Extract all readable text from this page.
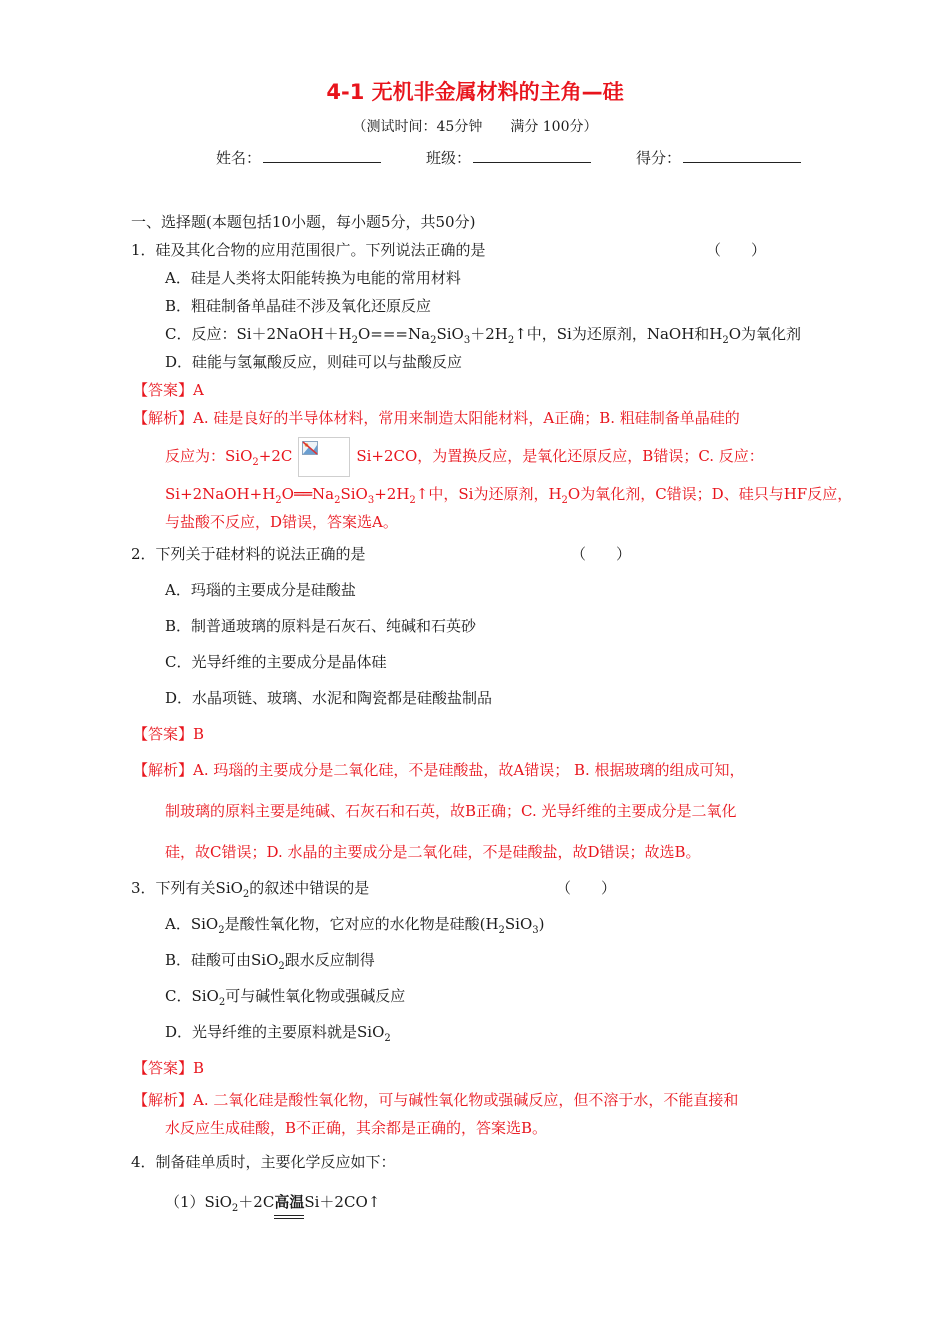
4-1 无机非金属材料的主角—硅
（测试时间：45分钟　　满分 100分）
姓名：	班级：	得分：
一、选择题(本题包括10小题，每小题5分，共50分)
1．硅及其化合物的应用范围很广。下列说法正确的是	（　　）
A．硅是人类将太阳能转换为电能的常用材料
B．粗硅制备单晶硅不涉及氧化还原反应
C．反应：$Si+2NaOH+H_2O===Na_2SiO_3+2H_2↑$中，Si为还原剂，NaOH和$H_2O$为氧化剂
D．硅能与氢氟酸反应，则硅可以与盐酸反应
【答案】A
【解析】A. 硅是良好的半导体材料，常用来制造太阳能材料，A正确；B. 粗硅制备单晶硅的
反应为：SiO$_2$+2C	Si+2CO，为置换反应，是氧化还原反应，B错误；C. 反应：
$Si+2NaOH+H_2O══Na_2SiO_3+2H_2↑$中，Si为还原剂，$H_2O$为氧化剂，C错误；D、硅只与HF反应，
与盐酸不反应，D错误，答案选A。
2．下列关于硅材料的说法正确的是	（　　）
A．玛瑙的主要成分是硅酸盐
B．制普通玻璃的原料是石灰石、纯碱和石英砂
C．光导纤维的主要成分是晶体硅
D．水晶项链、玻璃、水泥和陶瓷都是硅酸盐制品
【答案】B
【解析】A. 玛瑙的主要成分是二氧化硅，不是硅酸盐，故A错误； B. 根据玻璃的组成可知，
制玻璃的原料主要是纯碱、石灰石和石英，故B正确；C. 光导纤维的主要成分是二氧化
硅，故C错误；D. 水晶的主要成分是二氧化硅，不是硅酸盐，故D错误；故选B。
3．下列有关SiO$_2$的叙述中错误的是	（　　）
A．SiO$_2$是酸性氧化物，它对应的水化物是硅酸$(H_2SiO_3)$
B．硅酸可由SiO$_2$跟水反应制得
C．SiO$_2$可与碱性氧化物或强碱反应
D．光导纤维的主要原料就是SiO$_2$
【答案】B
【解析】A. 二氧化硅是酸性氧化物，可与碱性氧化物或强碱反应，但不溶于水，不能直接和
水反应生成硅酸，B不正确，其余都是正确的，答案选B。
4．制备硅单质时，主要化学反应如下：
（1）SiO$_2$＋2C高温
Si＋2CO↑
